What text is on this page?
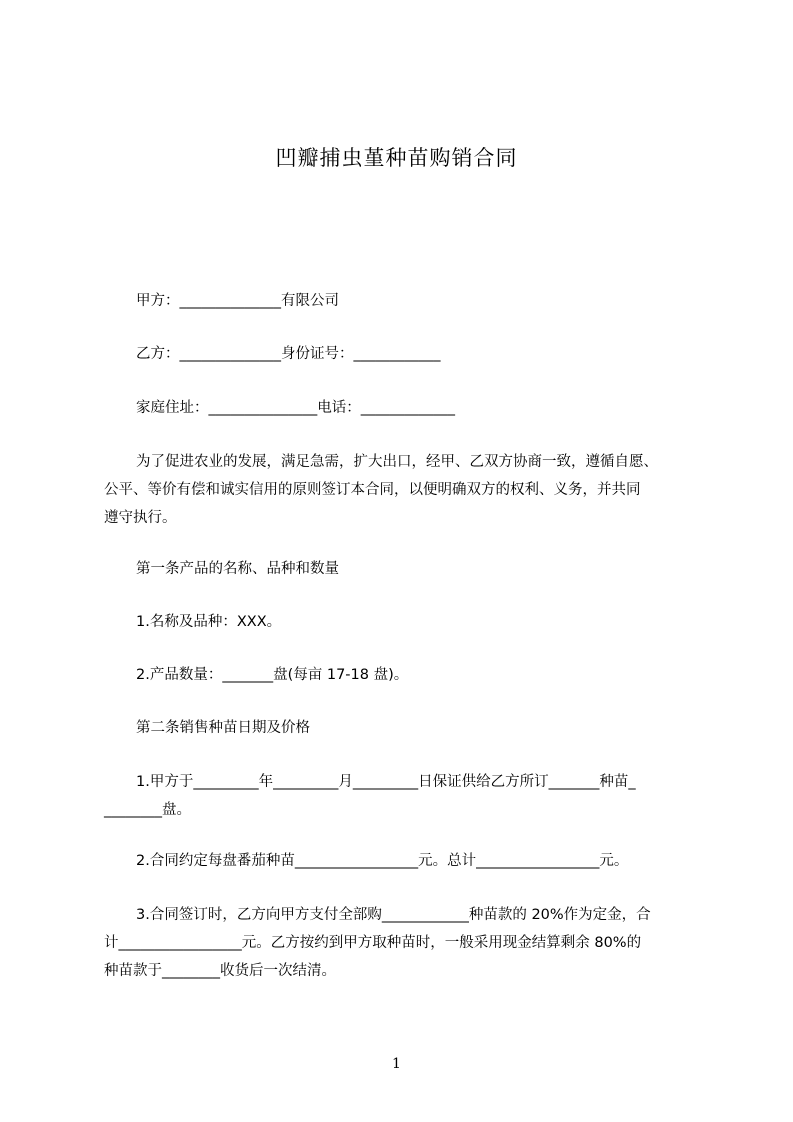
凹瓣捕虫堇种苗购销合同
甲方：______________有限公司
乙方：______________身份证号：____________
家庭住址：_______________电话：_____________
为了促进农业的发展，满足急需，扩大出口，经甲、乙双方协商一致，遵循自愿、
公平、等价有偿和诚实信用的原则签订本合同，以便明确双方的权利、义务，并共同
遵守执行。
第一条产品的名称、品种和数量
1.名称及品种：XXX。
2.产品数量：_______盘(每亩 17-18 盘)。
第二条销售种苗日期及价格
1.甲方于_________年_________月_________日保证供给乙方所订_______种苗_
________盘。
2.合同约定每盘番茄种苗_________________元。总计_________________元。
3.合同签订时，乙方向甲方支付全部购____________种苗款的 20%作为定金，合
计_________________元。乙方按约到甲方取种苗时，一般采用现金结算剩余 80%的
种苗款于________收货后一次结清。
1
